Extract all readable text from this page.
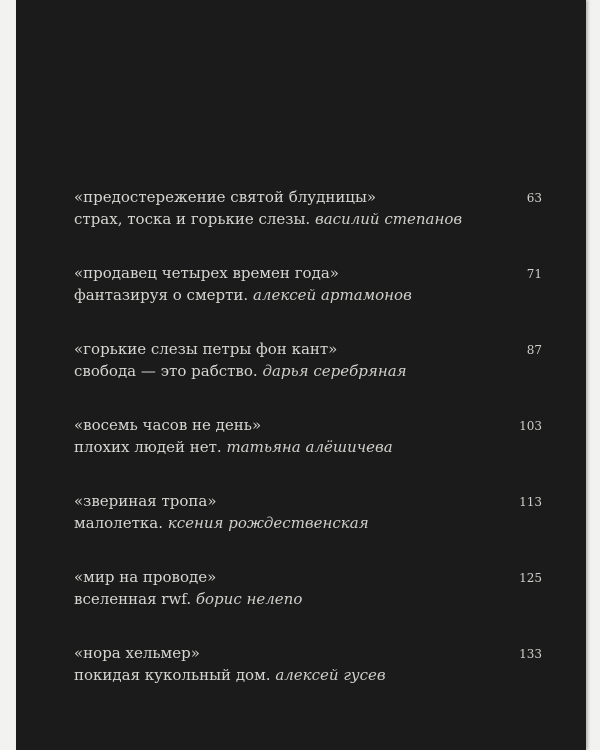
«предостережение святой блудницы»
страх, тоска и горькие слезы. василий степанов
63
«продавец четырех времен года»
фантазируя о смерти. алексей артамонов
71
«горькие слезы петры фон кант»
свобода — это рабство. дарья серебряная
87
«восемь часов не день»
плохих людей нет. татьяна алёшичева
103
«звериная тропа»
малолетка. ксения рождественская
113
«мир на проводе»
вселенная rwf. борис нелепо
125
«нора хельмер»
покидая кукольный дом. алексей гусев
133
